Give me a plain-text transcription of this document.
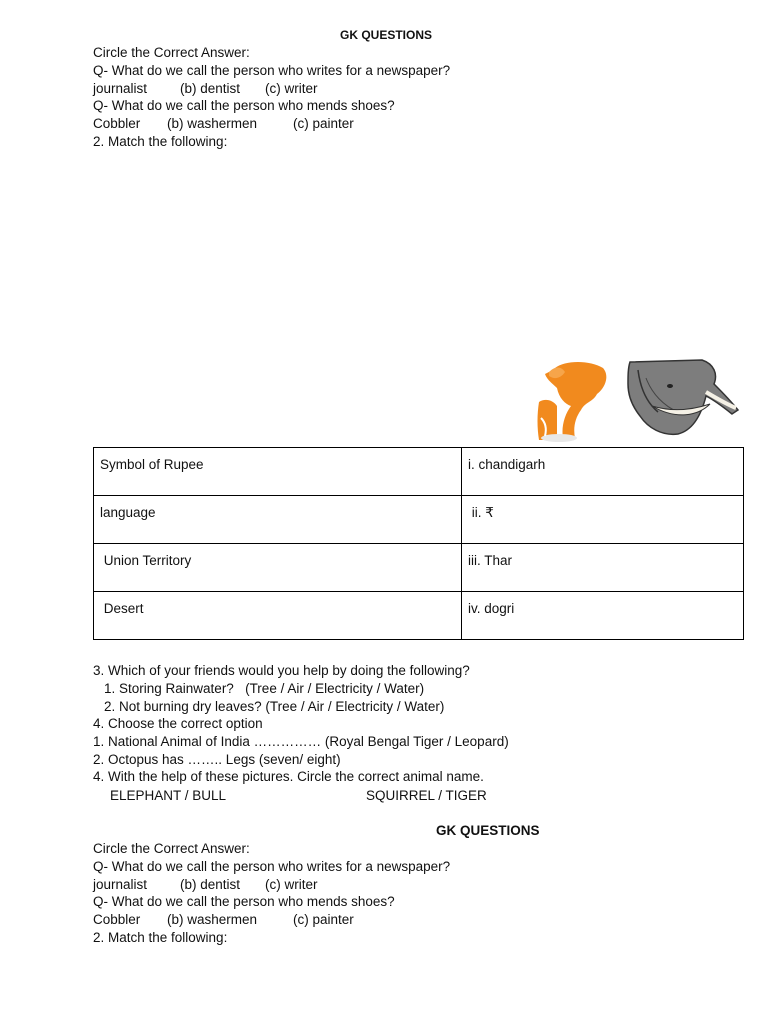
GK QUESTIONS
Circle the Correct Answer:
Q- What do we call the person who writes for a newspaper?
journalist (b) dentist (c) writer
Q- What do we call the person who mends shoes?
Cobbler (b) washermen	(c) painter
2. Match the following:
Symbol of Rupee	i. chandigarh
language	ii. ₹
Union Territory	iii. Thar
Desert	iv. dogri
3. Which of your friends would you help by doing the following?
1. Storing Rainwater?   (Tree / Air / Electricity / Water)
2. Not burning dry leaves? (Tree / Air / Electricity / Water)
4. Choose the correct option
1. National Animal of India …………… (Royal Bengal Tiger / Leopard)
2. Octopus has …….. Legs (seven/ eight)
4. With the help of these pictures. Circle the correct animal name.
ELEPHANT / BULL	SQUIRREL / TIGER
GK QUESTIONS
Circle the Correct Answer:
Q- What do we call the person who writes for a newspaper?
journalist (b) dentist (c) writer
Q- What do we call the person who mends shoes?
Cobbler (b) washermen	(c) painter
2. Match the following:
